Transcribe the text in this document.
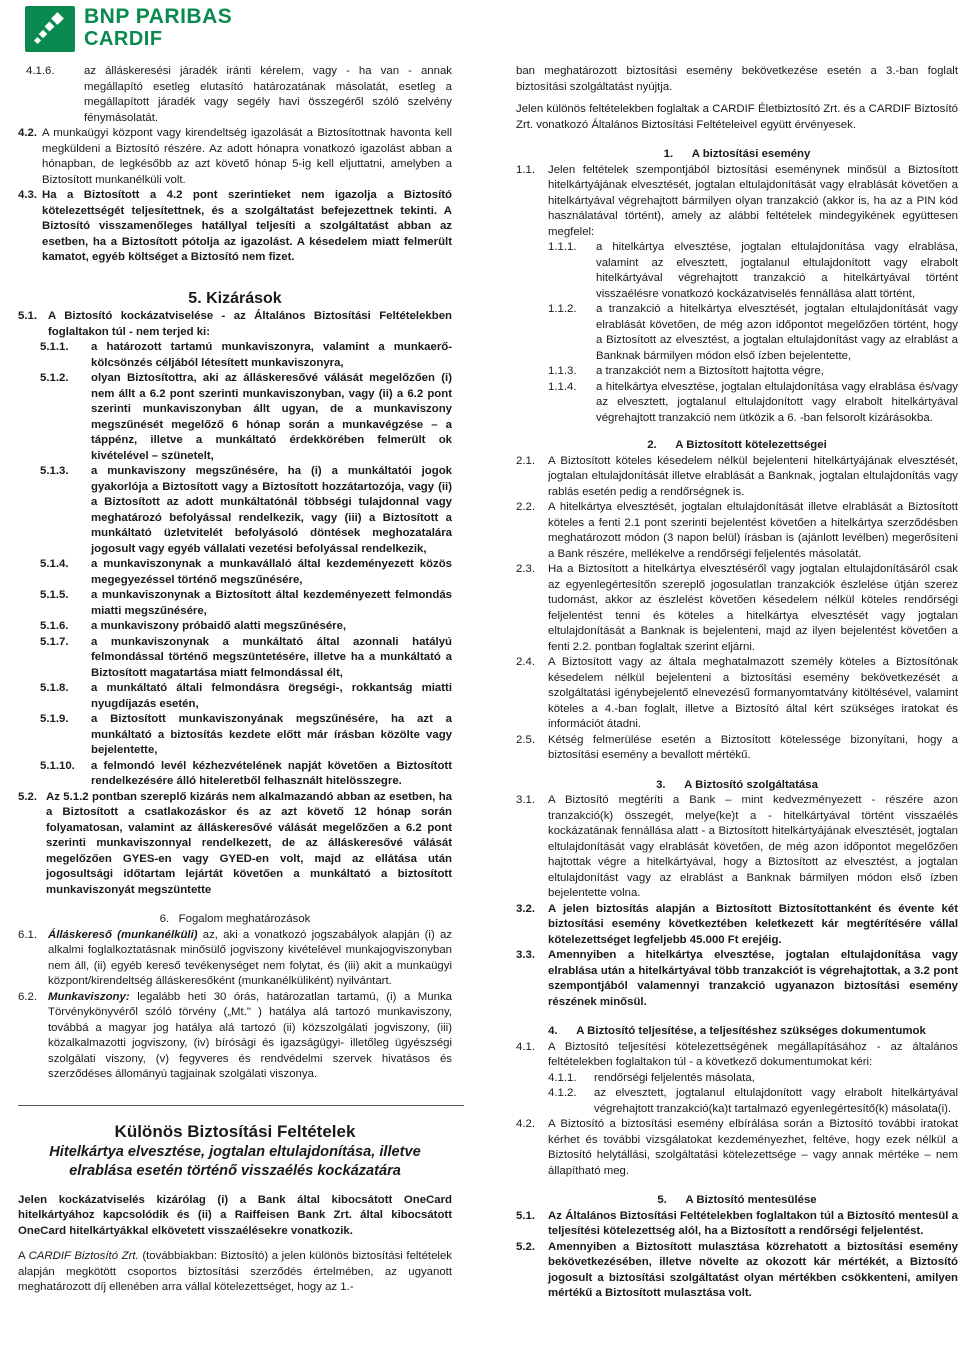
BNP PARIBAS
CARDIF
4.1.6.	az álláskeresési járadék iránti kérelem, vagy - ha van - annak megállapító esetleg elutasító határozatának másolatát, esetleg a megállapított járadék vagy segély havi összegéről szóló szelvény fénymásolatát.
4.2. A munkaügyi központ vagy kirendeltség igazolását a Biztosítottnak havonta kell megküldeni a Biztosító részére. Az adott hónapra vonatkozó igazolást abban a hónapban, de legkésőbb az azt követő hónap 5-ig kell eljuttatni, amelyben a Biztosított munkanélküli volt.
4.3. Ha a Biztosított a 4.2 pont szerintieket nem igazolja a Biztosító kötelezettségét teljesítettnek, és a szolgáltatást befejezettnek tekinti. A Biztosító visszamenőleges hatállyal teljesíti a szolgáltatást abban az esetben, ha a Biztosított pótolja az igazolást. A késedelem miatt felmerült kamatot, egyéb költséget a Biztosító nem fizet.

5. Kizárások

5.1. A Biztosító kockázatviselése - az Általános Biztosítási Feltételekben foglaltakon túl - nem terjed ki:
5.1.1.	a határozott tartamú munkaviszonyra, valamint a munkaerő-kölcsönzés céljából létesített munkaviszonyra,
5.1.2.	olyan Biztosítottra, aki az álláskeresővé válását megelőzően (i) nem állt a 6.2 pont szerinti munkaviszonyban, vagy (ii) a 6.2 pont szerinti munkaviszonyban állt ugyan, de a munkaviszony megszűnését megelőző 6 hónap során a munkavégzése – a táppénz, illetve a munkáltató érdekkörében felmerült ok kivételével – szünetelt,
5.1.3.	a munkaviszony megszűnésére, ha (i) a munkáltatói jogok gyakorlója a Biztosított vagy a Biztosított hozzátartozója, vagy (ii) a Biztosított az adott munkáltatónál többségi tulajdonnal vagy meghatározó befolyással rendelkezik, vagy (iii) a Biztosított a munkáltató üzletvitelét befolyásoló döntések meghozatalára jogosult vagy egyéb vállalati vezetési befolyással rendelkezik,
5.1.4.	a munkaviszonynak a munkavállaló által kezdeményezett közös megegyezéssel történő megszűnésére,
5.1.5.	a munkaviszonynak a Biztosított által kezdeményezett felmondás miatti megszűnésére,
5.1.6.	a munkaviszony próbaidő alatti megszűnésére,
5.1.7.	a munkaviszonynak a munkáltató által azonnali hatályú felmondással történő megszüntetésére, illetve ha a munkáltató a Biztosított magatartása miatt felmondással élt,
5.1.8.	a munkáltató általi felmondásra öregségi-, rokkantság miatti nyugdíjazás esetén,
5.1.9.	a Biztosított munkaviszonyának megszűnésére, ha azt a munkáltató a biztosítás kezdete előtt már írásban közölte vagy bejelentette,
5.1.10.	a felmondó levél kézhezvételének napját követően a Biztosított rendelkezésére álló hiteleretből felhasznált hitelösszegre.
5.2. Az 5.1.2 pontban szereplő kizárás nem alkalmazandó abban az esetben, ha a Biztosított a csatlakozáskor és az azt követő 12 hónap során folyamatosan, valamint az álláskeresővé válását megelőzően a 6.2 pont szerinti munkaviszonnyal rendelkezett, de az álláskeresővé válását megelőzően GYES-en vagy GYED-en volt, majd az ellátása után jogosultsági időtartam lejártát követően a munkáltató a biztosított munkaviszonyát megszüntette

6.   Fogalom meghatározások

6.1. Álláskereső (munkanélküli) az, aki a vonatkozó jogszabályok alapján (i) az alkalmi foglalkoztatásnak minősülő jogviszony kivételével munkajogviszonyban nem áll, (ii) egyéb kereső tevékenységet nem folytat, és (iii) akit a munkaügyi központ/kirendeltség álláskeresőként (munkanélküliként) nyilvántart.
6.2. Munkaviszony: legalább heti 30 órás, határozatlan tartamú, (i) a Munka Törvénykönyvéről szóló törvény („Mt." ) hatálya alá tartozó munkaviszony, továbbá a magyar jog hatálya alá tartozó (ii) közszolgálati jogviszony, (iii) közalkalmazotti jogviszony, (iv) bírósági és igazságügyi- illetőleg ügyészségi szolgálati viszony, (v) fegyveres és rendvédelmi szervek hivatásos és szerződéses állományú tagjainak szolgálati viszonya.
Különös Biztosítási Feltételek
Hitelkártya elvesztése, jogtalan eltulajdonítása, illetve elrablása esetén történő visszaélés kockázatára

Jelen kockázatviselés kizárólag (i) a Bank által kibocsátott OneCard hitelkártyához kapcsolódik és (ii) a Raiffeisen Bank Zrt. által kibocsátott OneCard hitelkártyákkal elkövetett visszaélésekre vonatkozik.

A CARDIF Biztosító Zrt. (továbbiakban: Biztosító) a jelen különös biztosítási feltételek alapján megkötött csoportos biztosítási szerződés értelmében, az ugyanott meghatározott díj ellenében arra vállal kötelezettséget, hogy az 1.-

ban meghatározott biztosítási esemény bekövetkezése esetén a 3.-ban foglalt biztosítási szolgáltatást nyújtja.

Jelen különös feltételekben foglaltak a CARDIF Életbiztosító Zrt. és a CARDIF Biztosító Zrt. vonatkozó Általános Biztosítási Feltételeivel együtt érvényesek.

1.      A biztosítási esemény

1.1.	Jelen feltételek szempontjából biztosítási eseménynek minősül a Biztosított hitelkártyájának elvesztését, jogtalan eltulajdonítását vagy elrablását követően a hitelkártyával végrehajtott bármilyen olyan tranzakció (akkor is, ha az a PIN kód használatával történt), amely az alábbi feltételek mindegyikének együttesen megfelel:
1.1.1.	a hitelkártya elvesztése, jogtalan eltulajdonítása vagy elrablása, valamint az elvesztett, jogtalanul eltulajdonított vagy elrabolt hitelkártyával végrehajtott tranzakció a hitelkártyával történt visszaélésre vonatkozó kockázatviselés fennállása alatt történt,
1.1.2.	a tranzakció a hitelkártya elvesztését, jogtalan eltulajdonítását vagy elrablását követően, de még azon időpontot megelőzően történt, hogy a Biztosított az elvesztést, a jogtalan eltulajdonítást vagy az elrablást a Banknak bármilyen módon első ízben bejelentette,
1.1.3.	a tranzakciót nem a Biztosított hajtotta végre,
1.1.4.	a hitelkártya elvesztése, jogtalan eltulajdonítása vagy elrablása és/vagy az elvesztett, jogtalanul eltulajdonított vagy elrabolt hitelkártyával végrehajtott tranzakció nem ütközik a 6. -ban felsorolt kizárásokba.

2.      A Biztosított kötelezettségei

2.1.	A Biztosított köteles késedelem nélkül bejelenteni hitelkártyájának elvesztését, jogtalan eltulajdonítását illetve elrablását a Banknak, jogtalan eltulajdonítás vagy rablás esetén pedig a rendőrségnek is.
2.2.	A hitelkártya elvesztését, jogtalan eltulajdonítását illetve elrablását a Biztosított köteles a fenti 2.1 pont szerinti bejelentést követően a hitelkártya szerződésben meghatározott módon (3 napon belül) írásban is (ajánlott levélben) megerősíteni a Bank részére, mellékelve a rendőrségi feljelentés másolatát.
2.3.	Ha a Biztosított a hitelkártya elvesztéséről vagy jogtalan eltulajdonításáról csak az egyenlegértesítőn szereplő jogosulatlan tranzakciók észlelése útján szerez tudomást, akkor az észlelést követően késedelem nélkül köteles rendőrségi feljelentést tenni és köteles a hitelkártya elvesztését vagy jogtalan eltulajdonítását a Banknak is bejelenteni, majd az ilyen bejelentést követően a fenti 2.2. pontban foglaltak szerint eljárni.
2.4.	A Biztosított vagy az általa meghatalmazott személy köteles a Biztosítónak késedelem nélkül bejelenteni a biztosítási esemény bekövetkezését a szolgáltatási igénybejelentő elnevezésű formanyomtatvány kitöltésével, valamint köteles a 4.-ban foglalt, illetve a Biztosító által kért szükséges iratokat és információt átadni.
2.5.	Kétség felmerülése esetén a Biztosított kötelessége bizonyítani, hogy a biztosítási esemény a bevallott mértékű.

3.      A Biztosító szolgáltatása

3.1.	A Biztosító megtéríti a Bank – mint kedvezményezett - részére azon tranzakció(k) összegét, melye(ke)t a - hitelkártyával történt visszaélés kockázatának fennállása alatt - a Biztosított hitelkártyájának elvesztését, jogtalan eltulajdonítását vagy elrablását követően, de még azon időpontot megelőzően hajtottak végre a hitelkártyával, hogy a Biztosított az elvesztést, a jogtalan eltulajdonítást vagy az elrablást a Banknak bármilyen módon első ízben bejelentette volna.
3.2.	A jelen biztosítás alapján a Biztosított Biztosítottanként és évente két biztosítási esemény következtében keletkezett kár megtérítésére vállal kötelezettséget legfeljebb 45.000 Ft erejéig.
3.3.	Amennyiben a hitelkártya elvesztése, jogtalan eltulajdonítása vagy elrablása után a hitelkártyával több tranzakciót is végrehajtottak, a 3.2 pont szempontjából valamennyi tranzakció ugyanazon biztosítási esemény részének minősül.

4.      A Biztosító teljesítése, a teljesítéshez szükséges dokumentumok

4.1.	A Biztosító teljesítési kötelezettségének megállapításához - az általános feltételekben foglaltakon túl - a következő dokumentumokat kéri:
4.1.1.	rendőrségi feljelentés másolata,
4.1.2.	az elvesztett, jogtalanul eltulajdonított vagy elrabolt hitelkártyával végrehajtott tranzakció(ka)t tartalmazó egyenlegértesítő(k) másolata(i).
4.2.	A Biztosító a biztosítási esemény elbírálása során a Biztosító további iratokat kérhet és további vizsgálatokat kezdeményezhet, feltéve, hogy ezek nélkül a Biztosító helytállási, szolgáltatási kötelezettsége – vagy annak mértéke – nem állapítható meg.

5.      A Biztosító mentesülése

5.1.	Az Általános Biztosítási Feltételekben foglaltakon túl a Biztosító mentesül a teljesítési kötelezettség alól, ha a Biztosított a rendőrségi feljelentést.
5.2.	Amennyiben a Biztosított mulasztása közrehatott a biztosítási esemény bekövetkezésében, illetve növelte az okozott kár mértékét, a Biztosító jogosult a biztosítási szolgáltatást olyan mértékben csökkenteni, amilyen mértékű a Biztosított mulasztása volt.
